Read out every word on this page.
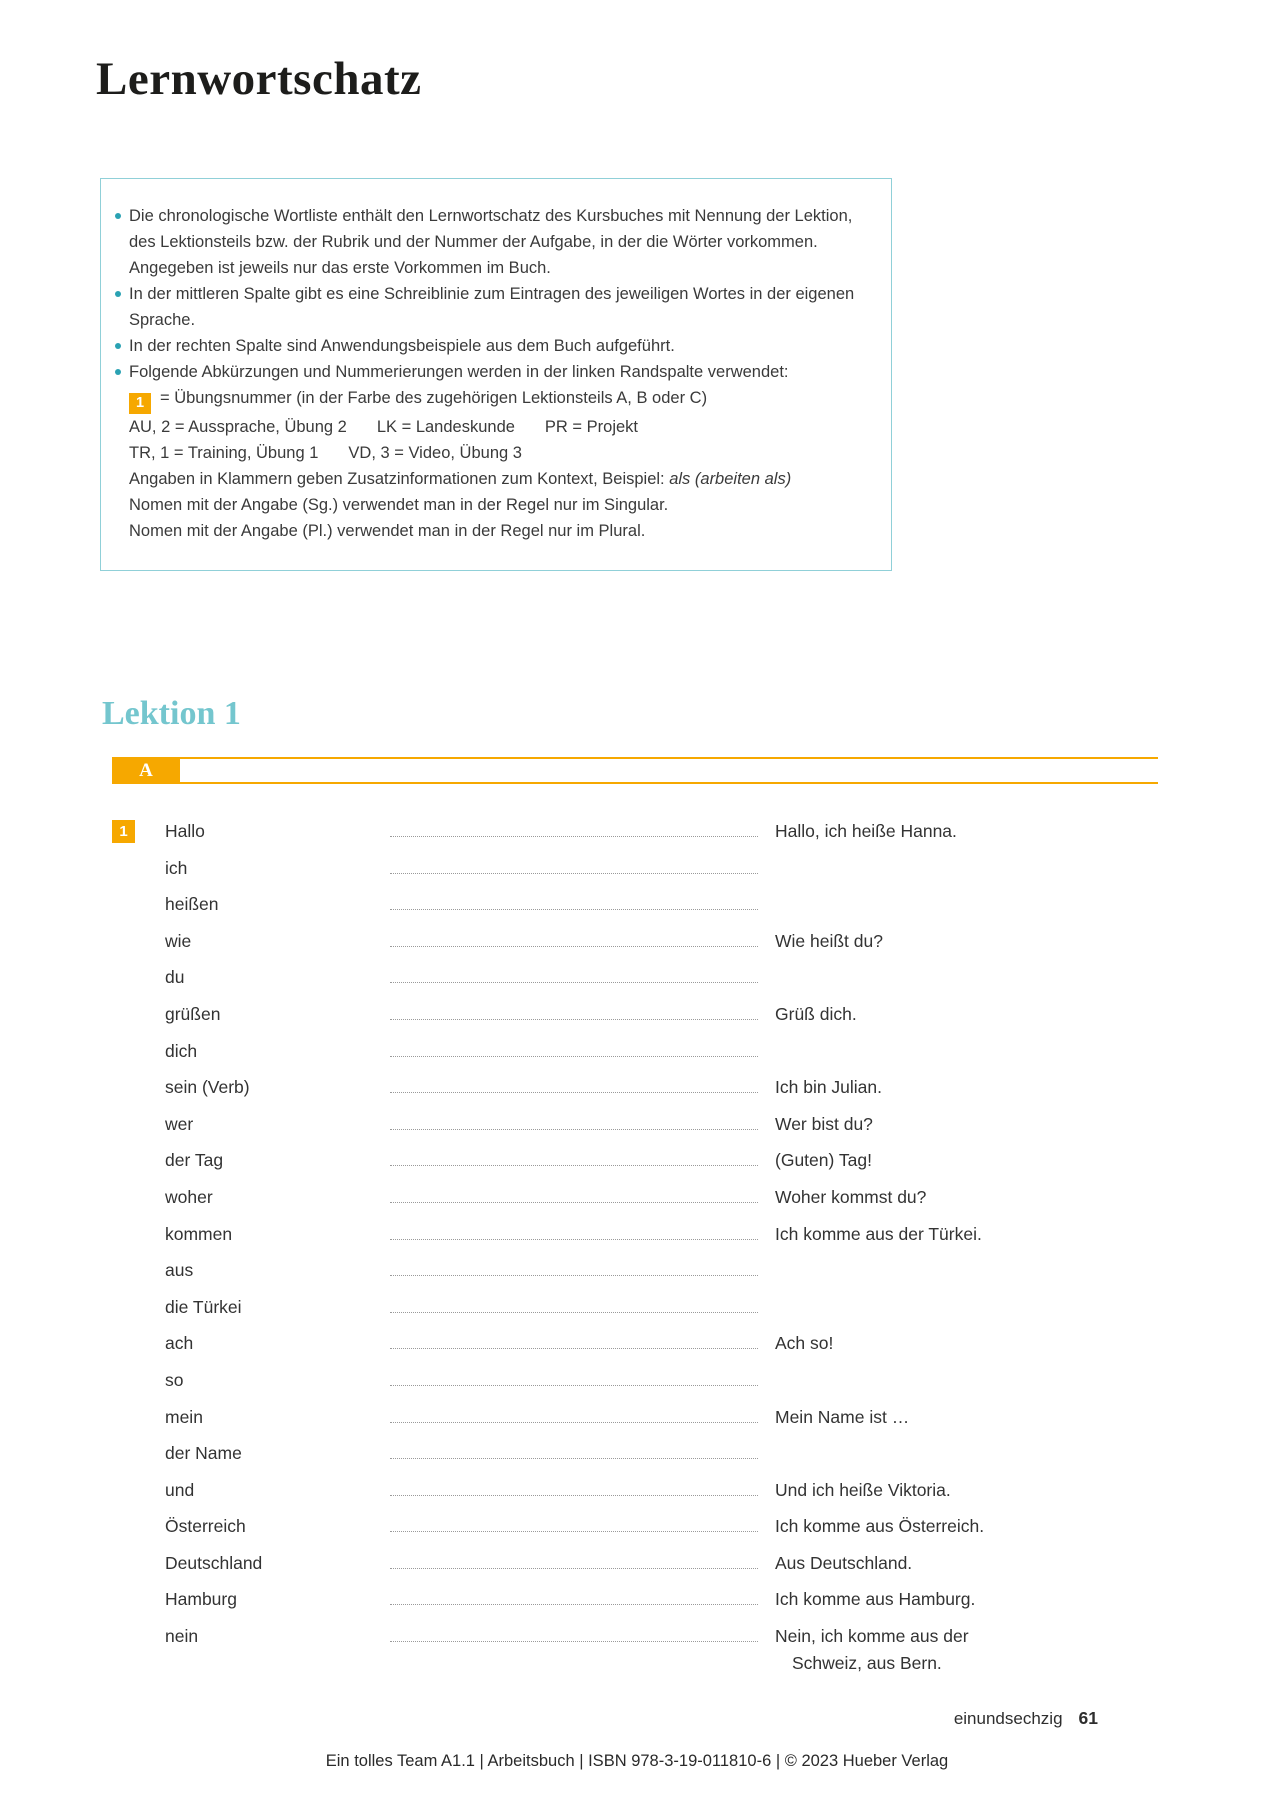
Lernwortschatz
Die chronologische Wortliste enthält den Lernwortschatz des Kursbuches mit Nennung der Lektion, des Lektionsteils bzw. der Rubrik und der Nummer der Aufgabe, in der die Wörter vorkommen. Angegeben ist jeweils nur das erste Vorkommen im Buch.
In der mittleren Spalte gibt es eine Schreiblinie zum Eintragen des jeweiligen Wortes in der eigenen Sprache.
In der rechten Spalte sind Anwendungsbeispiele aus dem Buch aufgeführt.
Folgende Abkürzungen und Nummerierungen werden in der linken Randspalte verwendet:
1 = Übungsnummer (in der Farbe des zugehörigen Lektionsteils A, B oder C)
AU, 2 = Aussprache, Übung 2 LK = Landeskunde PR = Projekt
TR, 1 = Training, Übung 1 VD, 3 = Video, Übung 3
Angaben in Klammern geben Zusatzinformationen zum Kontext, Beispiel: als (arbeiten als)
Nomen mit der Angabe (Sg.) verwendet man in der Regel nur im Singular.
Nomen mit der Angabe (Pl.) verwendet man in der Regel nur im Plural.
Lektion 1
A
1	Hallo	Hallo, ich heiße Hanna.
ich
heißen
wie	Wie heißt du?
du
grüßen	Grüß dich.
dich
sein (Verb)	Ich bin Julian.
wer	Wer bist du?
der Tag	(Guten) Tag!
woher	Woher kommst du?
kommen	Ich komme aus der Türkei.
aus
die Türkei
ach	Ach so!
so
mein	Mein Name ist …
der Name
und	Und ich heiße Viktoria.
Österreich	Ich komme aus Österreich.
Deutschland	Aus Deutschland.
Hamburg	Ich komme aus Hamburg.
nein	Nein, ich komme aus der
Schweiz, aus Bern.
einundsechzig 61
Ein tolles Team A1.1 | Arbeitsbuch | ISBN 978-3-19-011810-6 | © 2023 Hueber Verlag
